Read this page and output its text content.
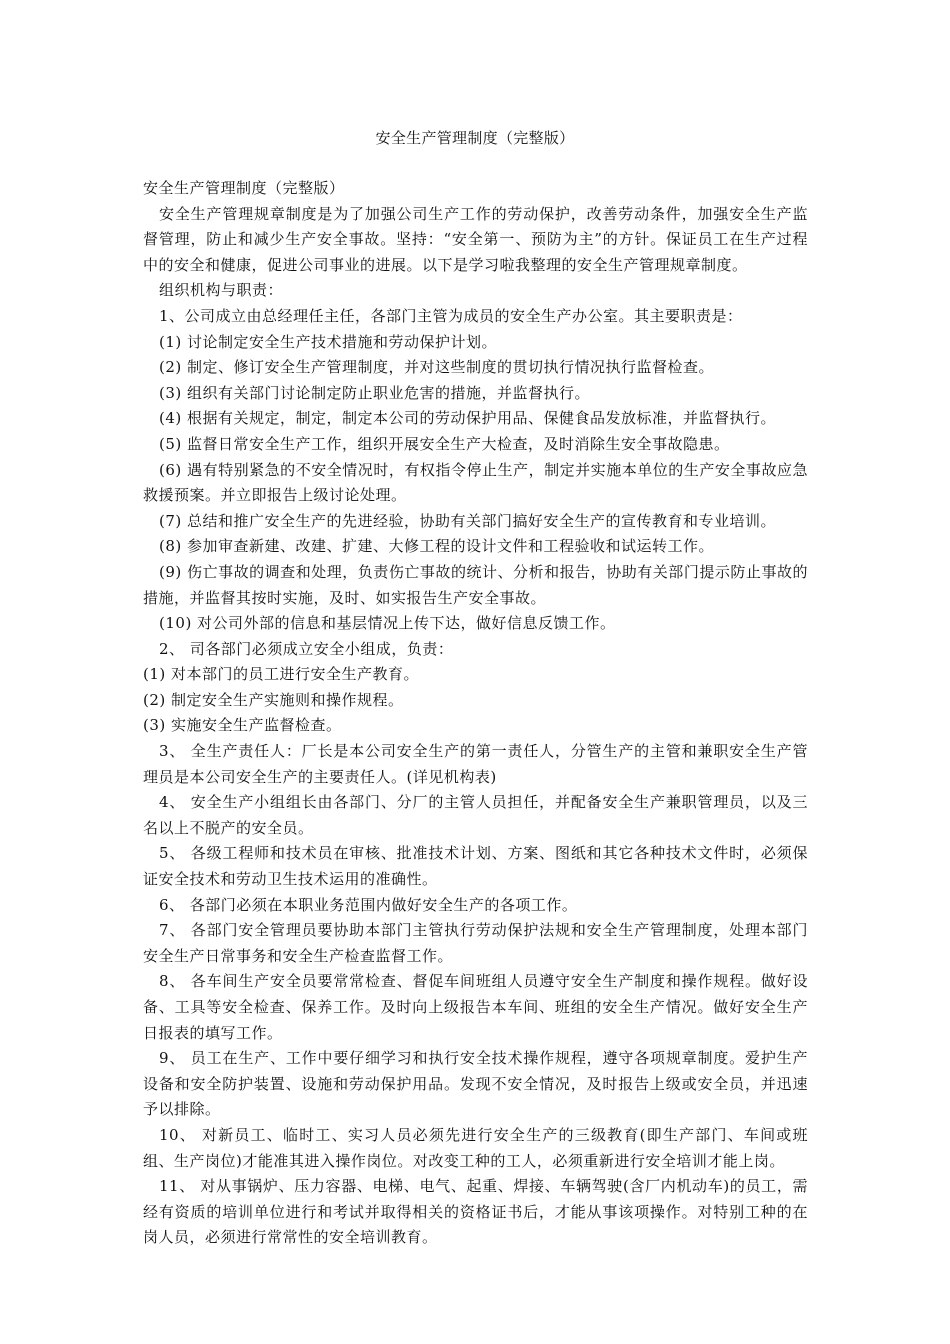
安全生产管理制度（完整版）

安全生产管理制度（完整版）

安全生产管理规章制度是为了加强公司生产工作的劳动保护，改善劳动条件，加强安全生产监督管理，防止和减少生产安全事故。坚持：“安全第一、预防为主”的方针。保证员工在生产过程中的安全和健康，促进公司事业的进展。以下是学习啦我整理的安全生产管理规章制度。

组织机构与职责：

1、公司成立由总经理任主任，各部门主管为成员的安全生产办公室。其主要职责是：

(1) 讨论制定安全生产技术措施和劳动保护计划。

(2) 制定、修订安全生产管理制度，并对这些制度的贯切执行情况执行监督检查。

(3) 组织有关部门讨论制定防止职业危害的措施，并监督执行。

(4) 根据有关规定，制定，制定本公司的劳动保护用品、保健食品发放标准，并监督执行。

(5) 监督日常安全生产工作，组织开展安全生产大检查，及时消除生安全事故隐患。

(6) 遇有特别紧急的不安全情况时，有权指令停止生产，制定并实施本单位的生产安全事故应急救援预案。并立即报告上级讨论处理。

(7) 总结和推广安全生产的先进经验，协助有关部门搞好安全生产的宣传教育和专业培训。

(8) 参加审查新建、改建、扩建、大修工程的设计文件和工程验收和试运转工作。

(9) 伤亡事故的调查和处理，负责伤亡事故的统计、分析和报告，协助有关部门提示防止事故的措施，并监督其按时实施，及时、如实报告生产安全事故。

(10) 对公司外部的信息和基层情况上传下达，做好信息反馈工作。

2、 司各部门必须成立安全小组成，负责：

(1) 对本部门的员工进行安全生产教育。

(2) 制定安全生产实施则和操作规程。

(3) 实施安全生产监督检查。

3、 全生产责任人：厂长是本公司安全生产的第一责任人，分管生产的主管和兼职安全生产管理员是本公司安全生产的主要责任人。(详见机构表)

4、 安全生产小组组长由各部门、分厂的主管人员担任，并配备安全生产兼职管理员，以及三名以上不脱产的安全员。

5、 各级工程师和技术员在审核、批准技术计划、方案、图纸和其它各种技术文件时，必须保证安全技术和劳动卫生技术运用的准确性。

6、 各部门必须在本职业务范围内做好安全生产的各项工作。

7、 各部门安全管理员要协助本部门主管执行劳动保护法规和安全生产管理制度，处理本部门安全生产日常事务和安全生产检查监督工作。

8、 各车间生产安全员要常常检查、督促车间班组人员遵守安全生产制度和操作规程。做好设备、工具等安全检查、保养工作。及时向上级报告本车间、班组的安全生产情况。做好安全生产日报表的填写工作。

9、 员工在生产、工作中要仔细学习和执行安全技术操作规程，遵守各项规章制度。爱护生产设备和安全防护装置、设施和劳动保护用品。发现不安全情况，及时报告上级或安全员，并迅速予以排除。

10、 对新员工、临时工、实习人员必须先进行安全生产的三级教育(即生产部门、车间或班组、生产岗位)才能准其进入操作岗位。对改变工种的工人，必须重新进行安全培训才能上岗。

11、 对从事锅炉、压力容器、电梯、电气、起重、焊接、车辆驾驶(含厂内机动车)的员工，需经有资质的培训单位进行和考试并取得相关的资格证书后，才能从事该项操作。对特别工种的在岗人员，必须进行常常性的安全培训教育。
